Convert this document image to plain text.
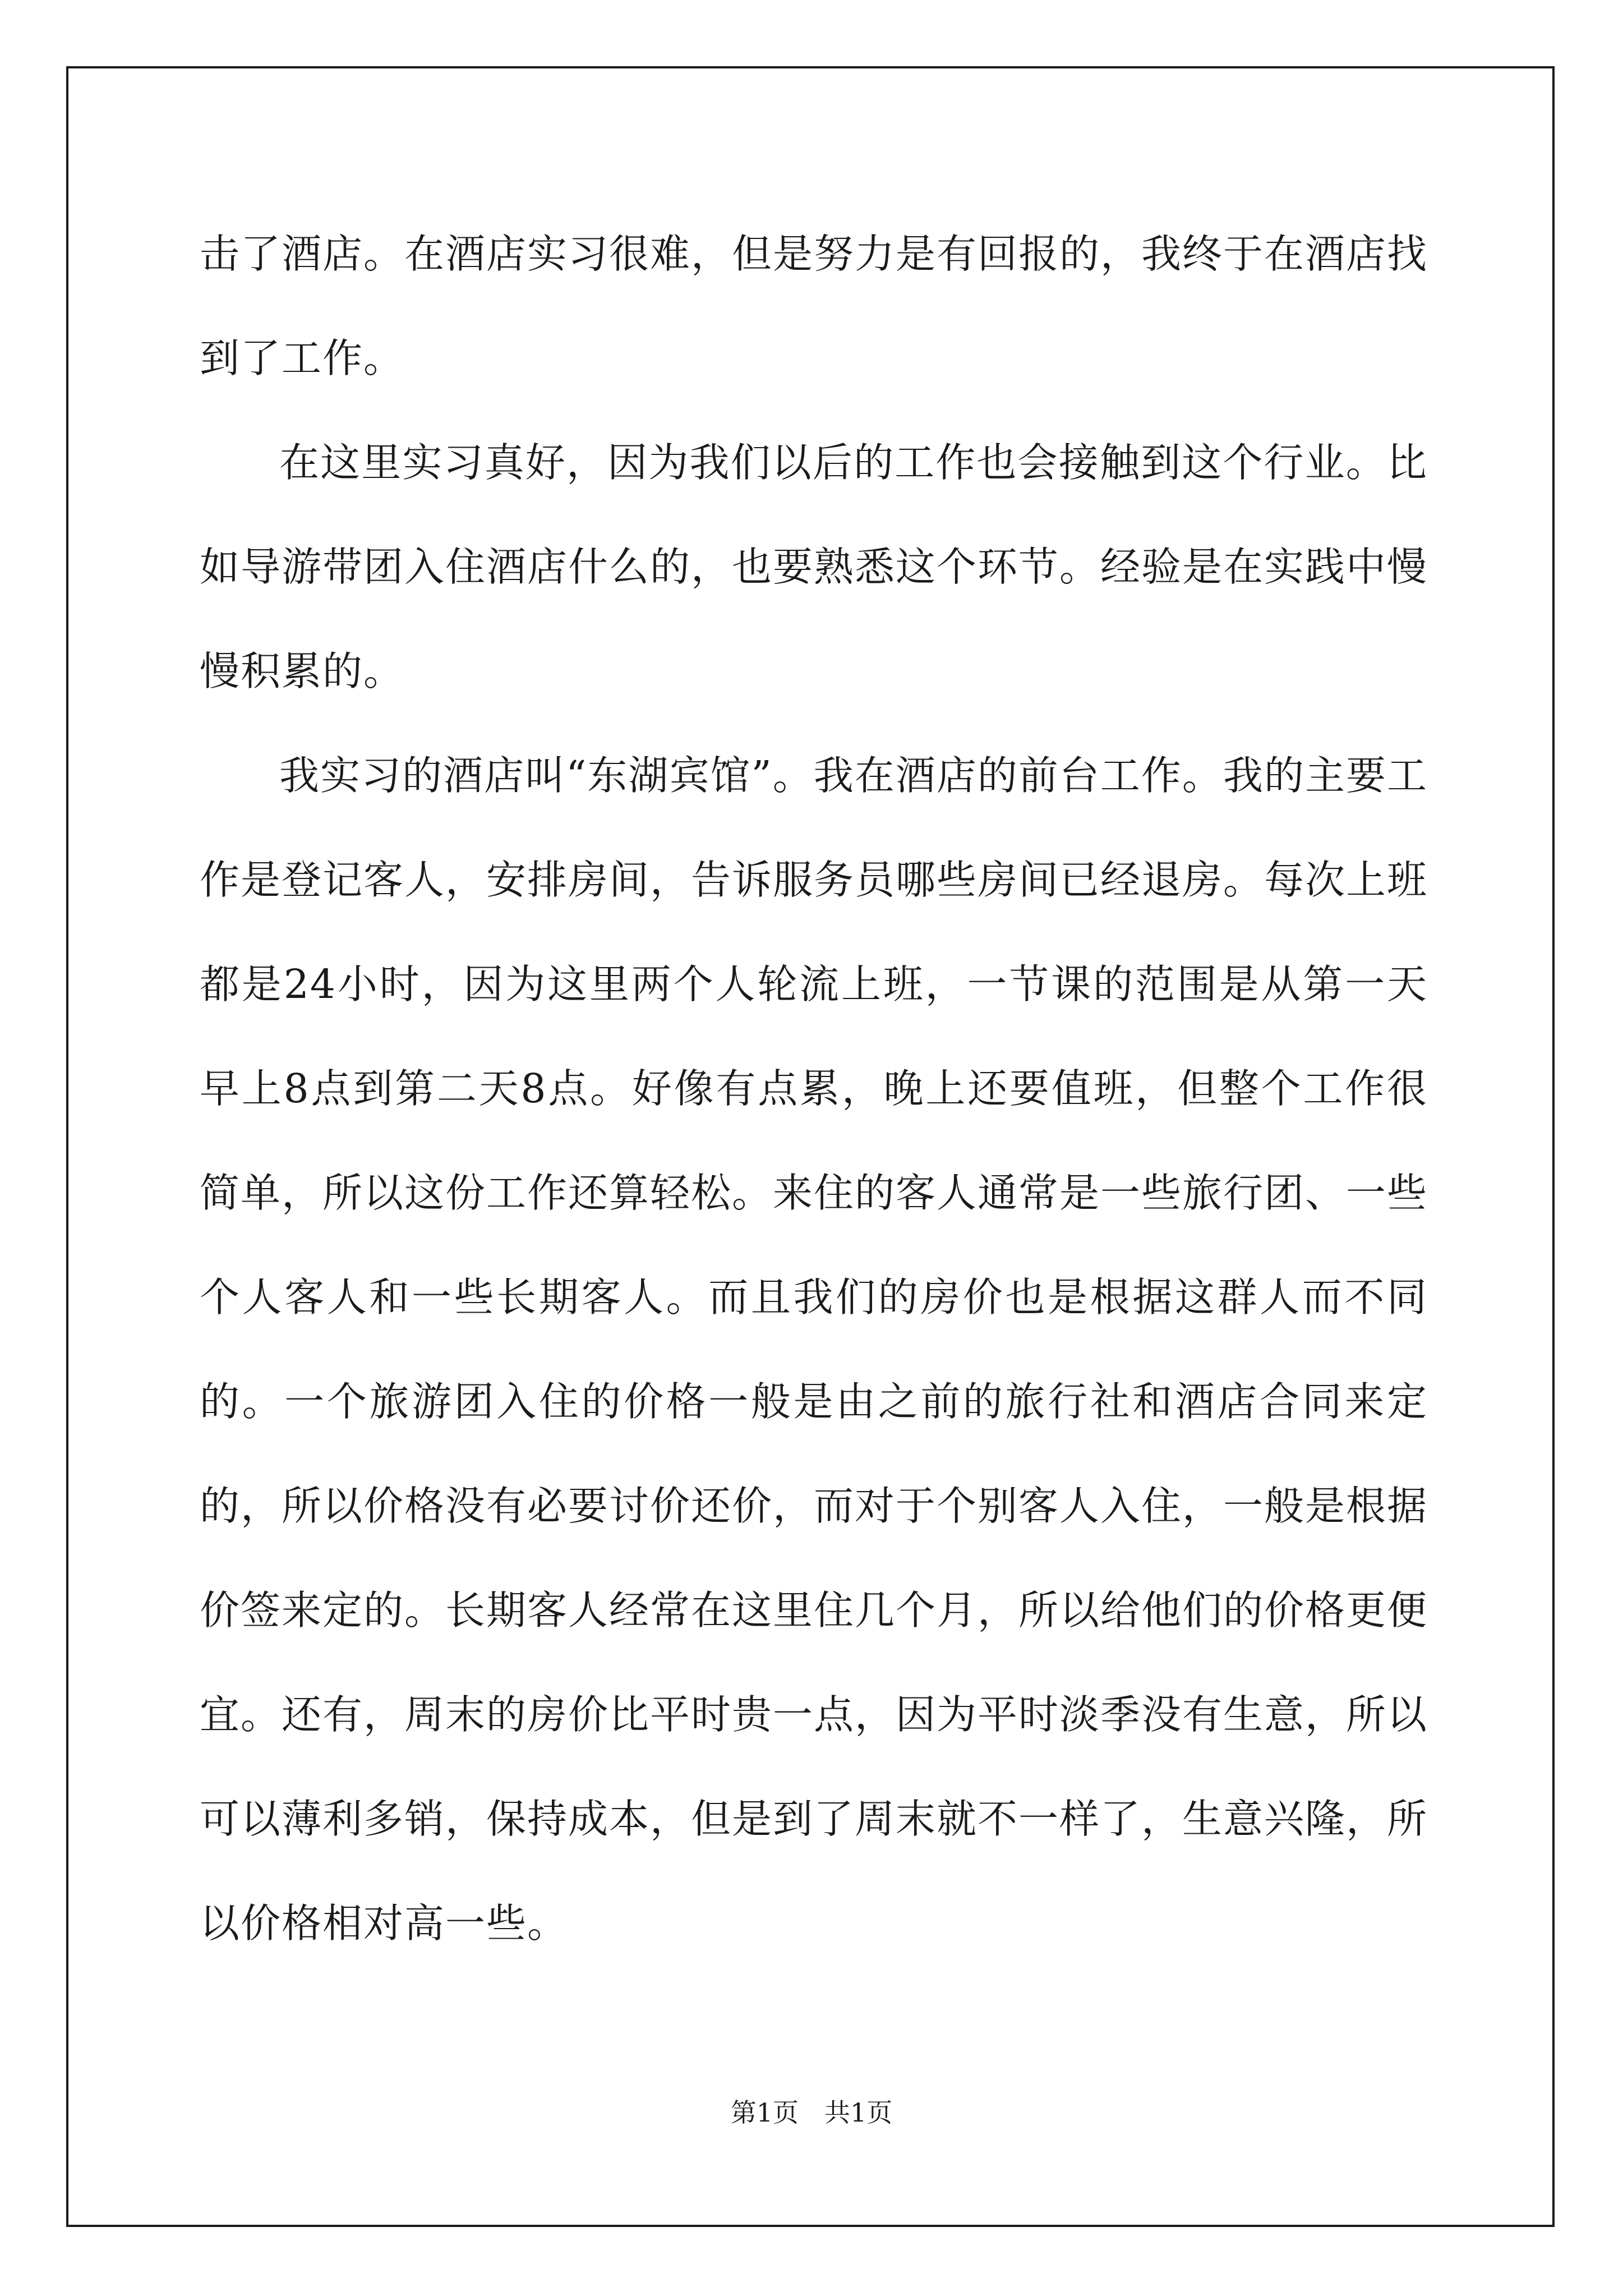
击了酒店。在酒店实习很难，但是努力是有回报的，我终于在酒店找到了工作。

在这里实习真好，因为我们以后的工作也会接触到这个行业。比如导游带团入住酒店什么的，也要熟悉这个环节。经验是在实践中慢慢积累的。

我实习的酒店叫“东湖宾馆”。我在酒店的前台工作。我的主要工作是登记客人，安排房间，告诉服务员哪些房间已经退房。每次上班都是24小时，因为这里两个人轮流上班，一节课的范围是从第一天早上8点到第二天8点。好像有点累，晚上还要值班，但整个工作很简单，所以这份工作还算轻松。来住的客人通常是一些旅行团、一些个人客人和一些长期客人。而且我们的房价也是根据这群人而不同的。一个旅游团入住的价格一般是由之前的旅行社和酒店合同来定的，所以价格没有必要讨价还价，而对于个别客人入住，一般是根据价签来定的。长期客人经常在这里住几个月，所以给他们的价格更便宜。还有，周末的房价比平时贵一点，因为平时淡季没有生意，所以可以薄利多销，保持成本，但是到了周末就不一样了，生意兴隆，所以价格相对高一些。

第1页 共1页
